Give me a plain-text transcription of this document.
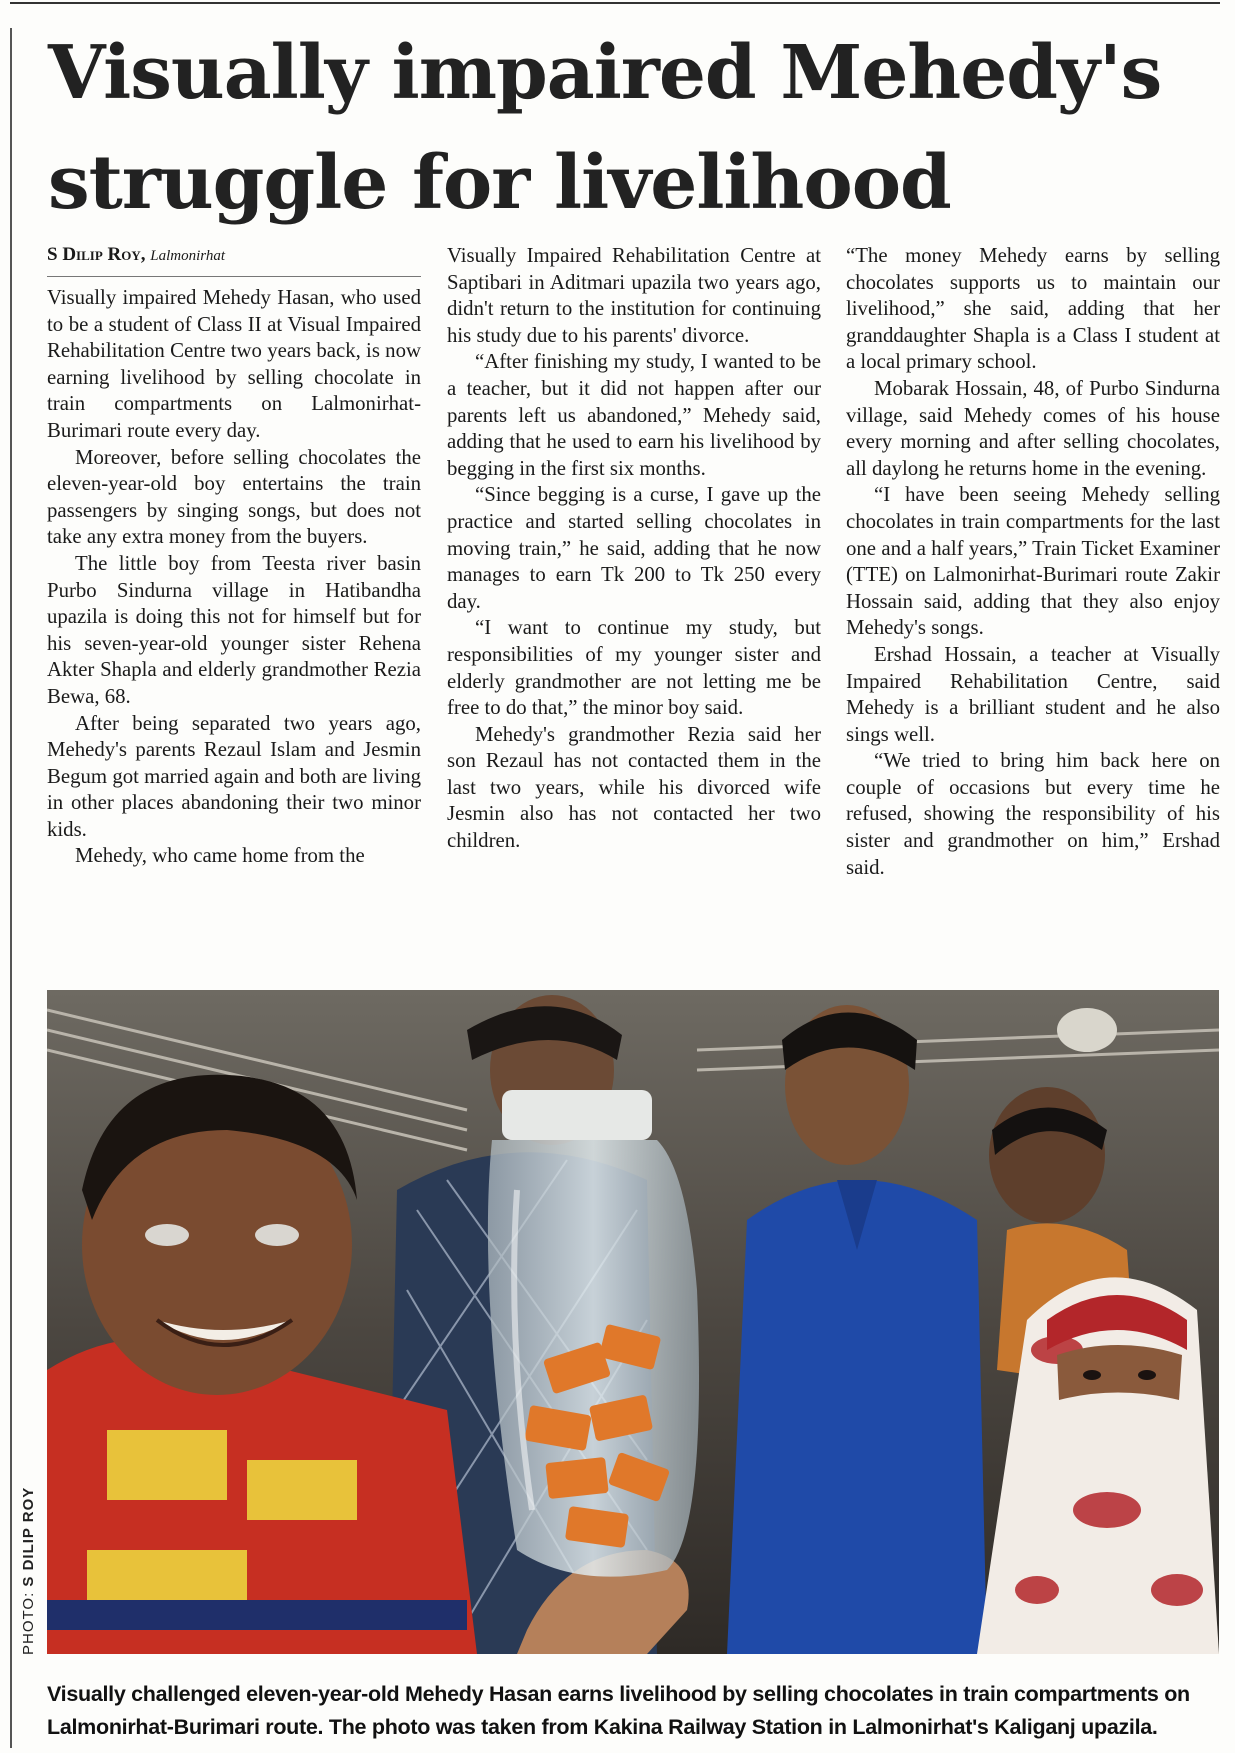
Visually impaired Mehedy's
struggle for livelihood
S Dilip Roy, Lalmonirhat

Visually impaired Mehedy Hasan, who used to be a student of Class II at Visual Impaired Rehabilitation Centre two years back, is now earning livelihood by selling chocolate in train compartments on Lalmonirhat-Burimari route every day.

Moreover, before selling chocolates the eleven-year-old boy entertains the train passengers by singing songs, but does not take any extra money from the buyers.

The little boy from Teesta river basin Purbo Sindurna village in Hatibandha upazila is doing this not for himself but for his seven-year-old younger sister Rehena Akter Shapla and elderly grandmother Rezia Bewa, 68.

After being separated two years ago, Mehedy's parents Rezaul Islam and Jesmin Begum got married again and both are living in other places abandoning their two minor kids.

Mehedy, who came home from the

Visually Impaired Rehabilitation Centre at Saptibari in Aditmari upazila two years ago, didn't return to the institution for continuing his study due to his parents' divorce.

“After finishing my study, I wanted to be a teacher, but it did not happen after our parents left us abandoned,” Mehedy said, adding that he used to earn his livelihood by begging in the first six months.

“Since begging is a curse, I gave up the practice and started selling chocolates in moving train,” he said, adding that he now manages to earn Tk 200 to Tk 250 every day.

“I want to continue my study, but responsibilities of my younger sister and elderly grandmother are not letting me be free to do that,” the minor boy said.

Mehedy's grandmother Rezia said her son Rezaul has not contacted them in the last two years, while his divorced wife Jesmin also has not contacted her two children.

“The money Mehedy earns by selling chocolates supports us to maintain our livelihood,” she said, adding that her granddaughter Shapla is a Class I student at a local primary school.

Mobarak Hossain, 48, of Purbo Sindurna village, said Mehedy comes of his house every morning and after selling chocolates, all daylong he returns home in the evening.

“I have been seeing Mehedy selling chocolates in train compartments for the last one and a half years,” Train Ticket Examiner (TTE) on Lalmonirhat-Burimari route Zakir Hossain said, adding that they also enjoy Mehedy's songs.

Ershad Hossain, a teacher at Visually Impaired Rehabilitation Centre, said Mehedy is a brilliant student and he also sings well.

“We tried to bring him back here on couple of occasions but every time he refused, showing the responsibility of his sister and grandmother on him,” Ershad said.

PHOTO: S DILIP ROY

Visually challenged eleven-year-old Mehedy Hasan earns livelihood by selling chocolates in train compartments on Lalmonirhat-Burimari route. The photo was taken from Kakina Railway Station in Lalmonirhat's Kaliganj upazila.
